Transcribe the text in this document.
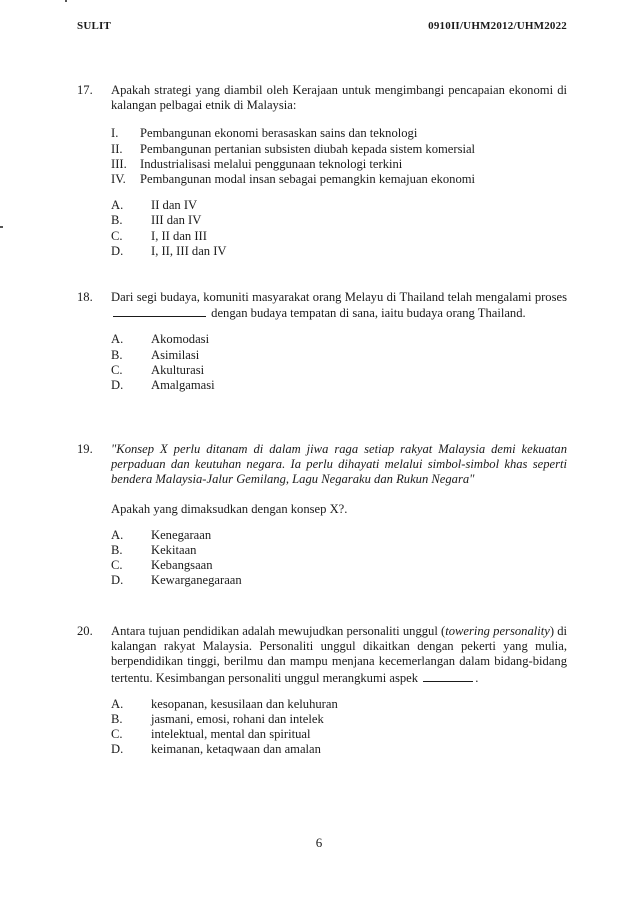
SULIT	0910II/UHM2012/UHM2022
17.	Apakah strategi yang diambil oleh Kerajaan untuk mengimbangi pencapaian ekonomi di kalangan pelbagai etnik di Malaysia:
I.	Pembangunan ekonomi berasaskan sains dan teknologi
II.	Pembangunan pertanian subsisten diubah kepada sistem komersial
III.	Industrialisasi melalui penggunaan teknologi terkini
IV.	Pembangunan modal insan sebagai pemangkin kemajuan ekonomi
A.	II dan IV
B.	III dan IV
C.	I, II dan III
D.	I, II, III dan IV
18.	Dari segi budaya, komuniti masyarakat orang Melayu di Thailand telah mengalami proses  dengan budaya tempatan di sana, iaitu budaya orang Thailand.
A.	Akomodasi
B.	Asimilasi
C.	Akulturasi
D.	Amalgamasi
19.	"Konsep X perlu ditanam di dalam jiwa raga setiap rakyat Malaysia demi kekuatan perpaduan dan keutuhan negara. Ia perlu dihayati melalui simbol-simbol khas seperti bendera Malaysia-Jalur Gemilang, Lagu Negaraku dan Rukun Negara"
Apakah yang dimaksudkan dengan konsep X?.
A.	Kenegaraan
B.	Kekitaan
C.	Kebangsaan
D.	Kewarganegaraan
20.	Antara tujuan pendidikan adalah mewujudkan personaliti unggul (towering personality) di kalangan rakyat Malaysia. Personaliti unggul dikaitkan dengan pekerti yang mulia, berpendidikan tinggi, berilmu dan mampu menjana kecemerlangan dalam bidang-bidang tertentu. Kesimbangan personaliti unggul merangkumi aspek	.
A.	kesopanan, kesusilaan dan keluhuran
B.	jasmani, emosi, rohani dan intelek
C.	intelektual, mental dan spiritual
D.	keimanan, ketaqwaan dan amalan
6
